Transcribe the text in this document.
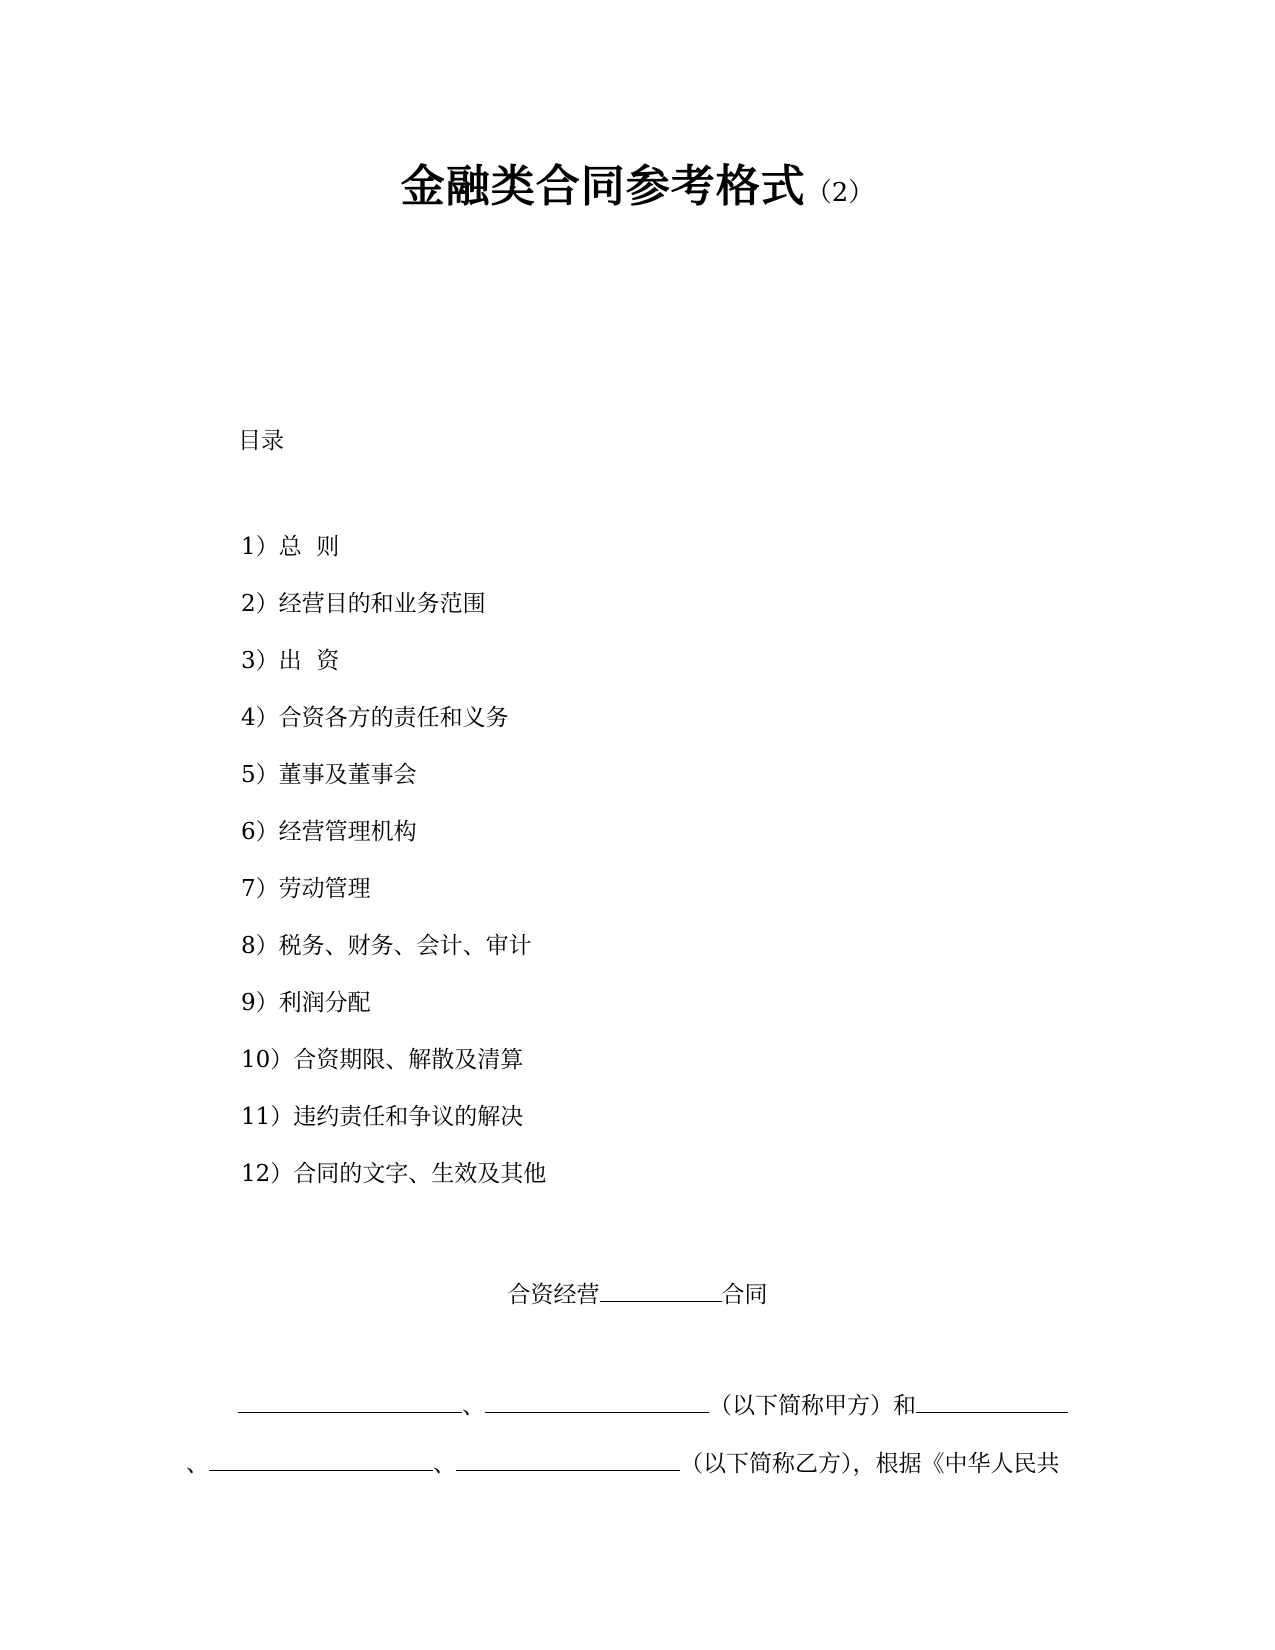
金融类合同参考格式（2）
目录
1）总  则
2）经营目的和业务范围
3）出  资
4）合资各方的责任和义务
5）董事及董事会
6）经营管理机构
7）劳动管理
8）税务、财务、会计、审计
9）利润分配
10）合资期限、解散及清算
11）违约责任和争议的解决
12）合同的文字、生效及其他
合资经营	合同
、	（以下简称甲方）和
、	、	（以下简称乙方），根据《中华人民共
